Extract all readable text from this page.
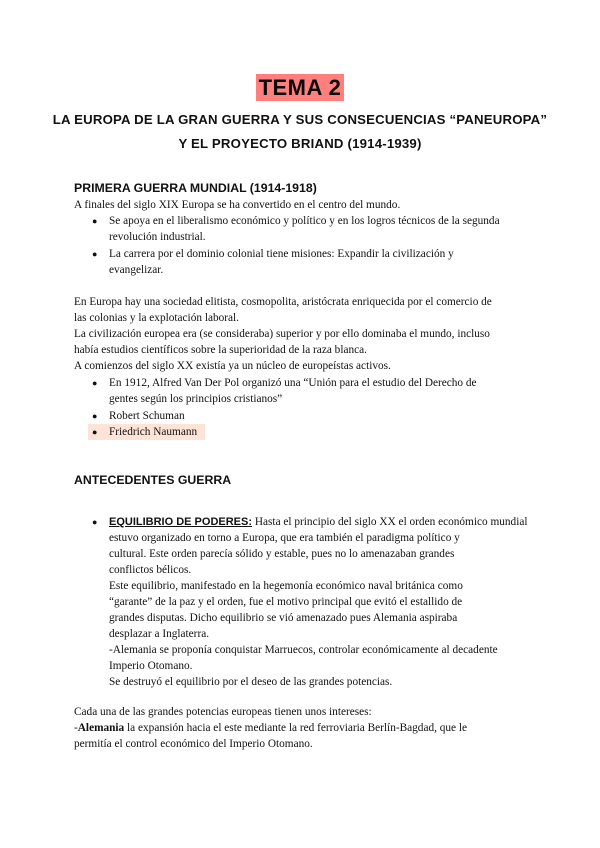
TEMA 2
LA EUROPA DE LA GRAN GUERRA Y SUS CONSECUENCIAS “PANEUROPA”
Y EL PROYECTO BRIAND (1914-1939)
PRIMERA GUERRA MUNDIAL (1914-1918)
A finales del siglo XIX Europa se ha convertido en el centro del mundo.
● Se apoya en el liberalismo económico y político y en los logros técnicos de la segunda
revolución industrial.
● La carrera por el dominio colonial tiene misiones: Expandir la civilización y
evangelizar.
En Europa hay una sociedad elitista, cosmopolita, aristócrata enriquecida por el comercio de
las colonias y la explotación laboral.
La civilización europea era (se consideraba) superior y por ello dominaba el mundo, incluso
había estudios científicos sobre la superioridad de la raza blanca.
A comienzos del siglo XX existía ya un núcleo de europeístas activos.
● En 1912, Alfred Van Der Pol organizó una “Unión para el estudio del Derecho de
gentes según los principios cristianos”
● Robert Schuman
● Friedrich Naumann
ANTECEDENTES GUERRA
● EQUILIBRIO DE PODERES: Hasta el principio del siglo XX el orden económico mundial
estuvo organizado en torno a Europa, que era también el paradigma político y
cultural. Este orden parecía sólido y estable, pues no lo amenazaban grandes
conflictos bélicos.
Este equilibrio, manifestado en la hegemonía económico naval británica como
“garante” de la paz y el orden, fue el motivo principal que evitó el estallido de
grandes disputas. Dicho equilibrio se vió amenazado pues Alemania aspiraba
desplazar a Inglaterra.
-Alemania se proponía conquistar Marruecos, controlar económicamente al decadente
Imperio Otomano.
Se destruyó el equilibrio por el deseo de las grandes potencias.
Cada una de las grandes potencias europeas tienen unos intereses:
-Alemania la expansión hacia el este mediante la red ferroviaria Berlín-Bagdad, que le
permitía el control económico del Imperio Otomano.
